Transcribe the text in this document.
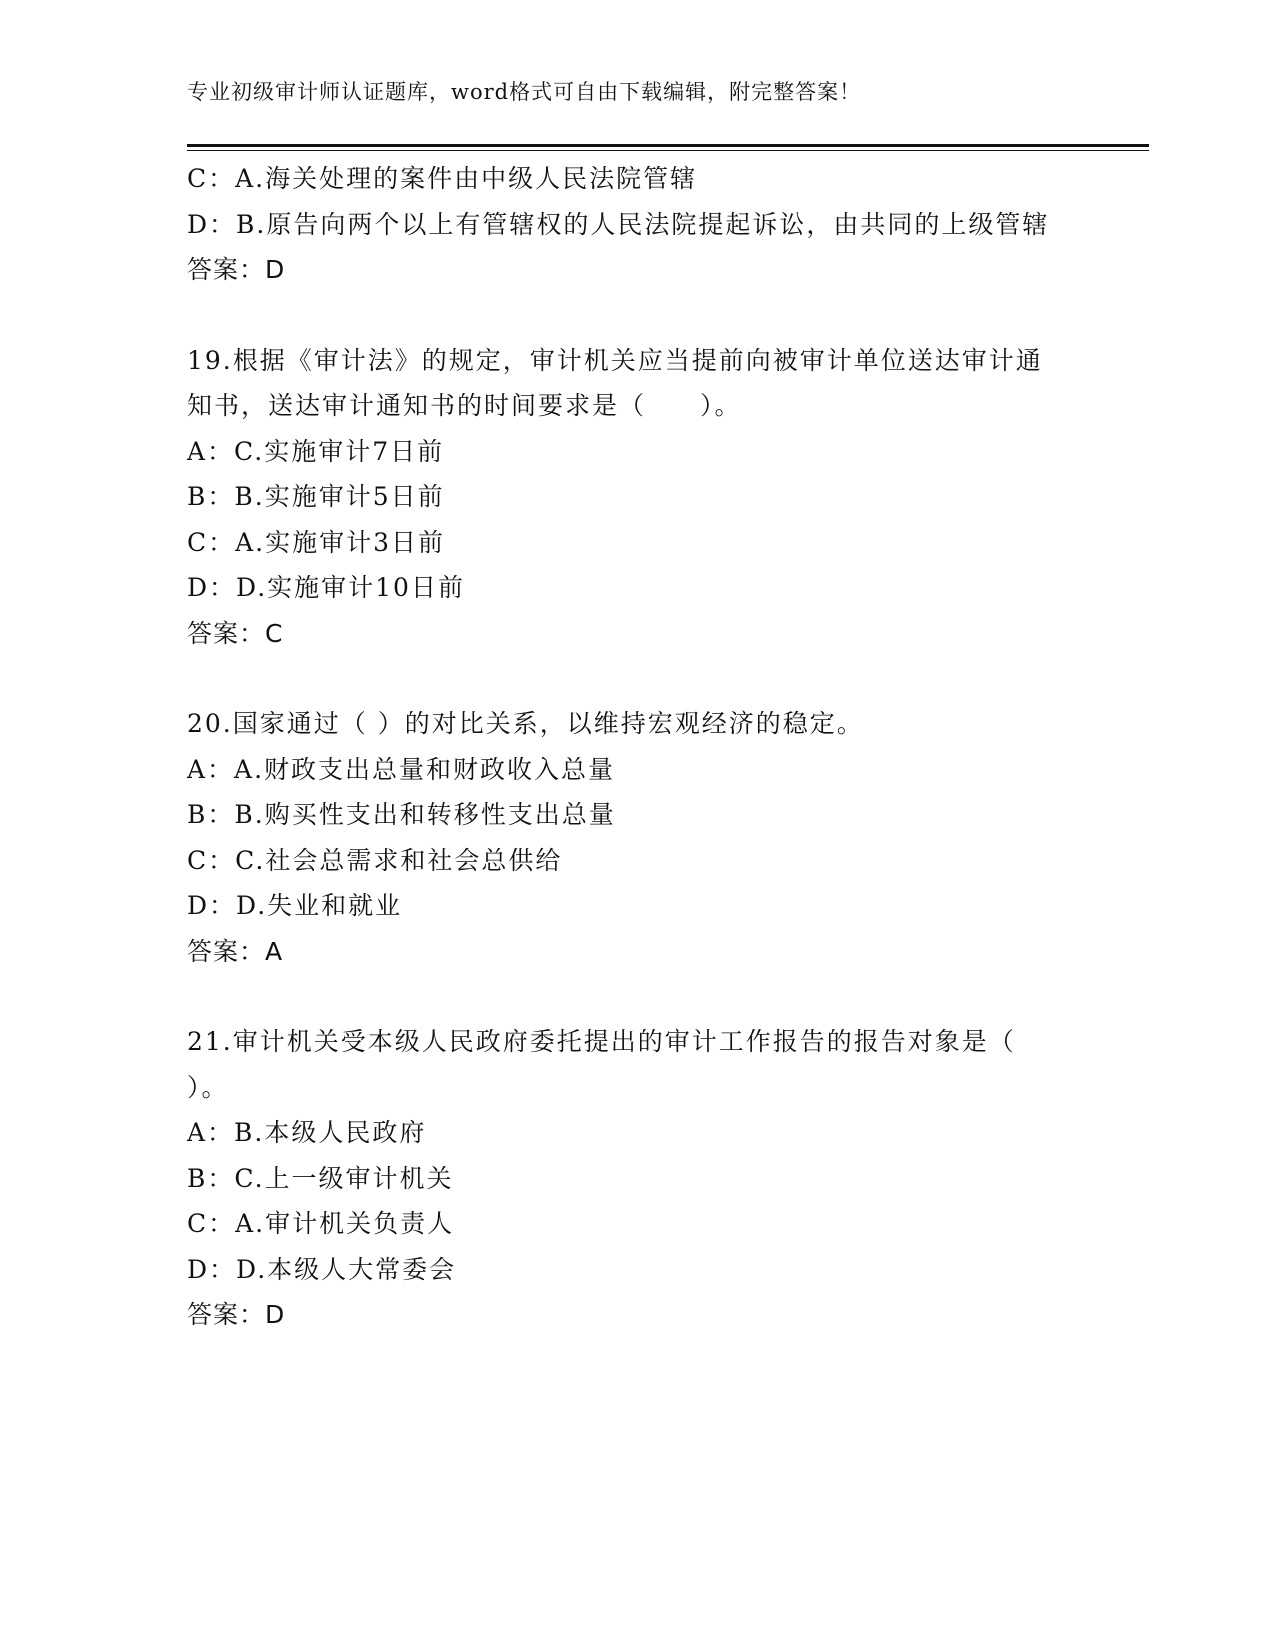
专业初级审计师认证题库，word格式可自由下载编辑，附完整答案！
C：A.海关处理的案件由中级人民法院管辖
D：B.原告向两个以上有管辖权的人民法院提起诉讼，由共同的上级管辖
答案：D
19.根据《审计法》的规定，审计机关应当提前向被审计单位送达审计通知书，送达审计通知书的时间要求是（　　）。
A：C.实施审计7日前
B：B.实施审计5日前
C：A.实施审计3日前
D：D.实施审计10日前
答案：C
20.国家通过（ ）的对比关系，以维持宏观经济的稳定。
A：A.财政支出总量和财政收入总量
B：B.购买性支出和转移性支出总量
C：C.社会总需求和社会总供给
D：D.失业和就业
答案：A
21.审计机关受本级人民政府委托提出的审计工作报告的报告对象是（ ）。
A：B.本级人民政府
B：C.上一级审计机关
C：A.审计机关负责人
D：D.本级人大常委会
答案：D
